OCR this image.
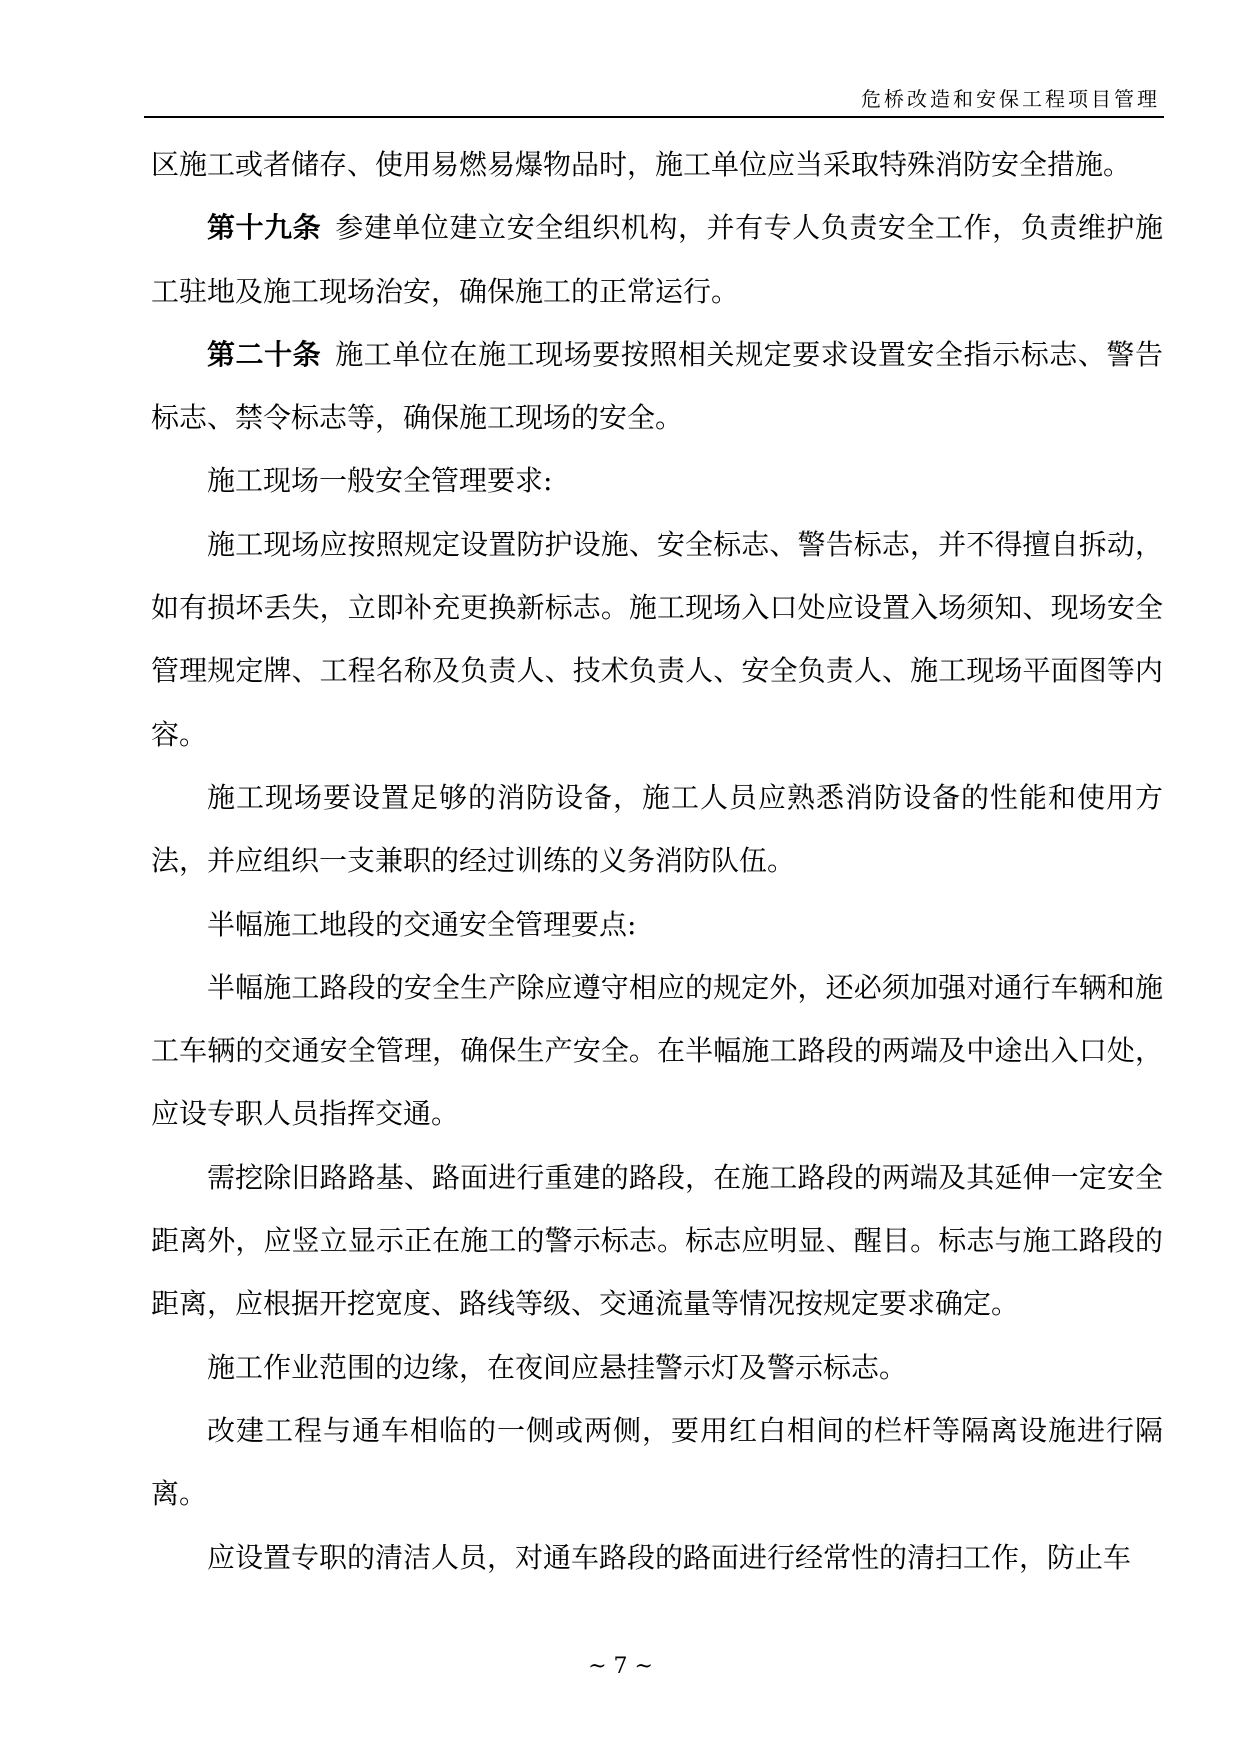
危桥改造和安保工程项目管理

区施工或者储存、使用易燃易爆物品时，施工单位应当采取特殊消防安全措施。

第十九条 参建单位建立安全组织机构，并有专人负责安全工作，负责维护施工驻地及施工现场治安，确保施工的正常运行。

第二十条 施工单位在施工现场要按照相关规定要求设置安全指示标志、警告标志、禁令标志等，确保施工现场的安全。

施工现场一般安全管理要求:

施工现场应按照规定设置防护设施、安全标志、警告标志，并不得擅自拆动，如有损坏丢失，立即补充更换新标志。施工现场入口处应设置入场须知、现场安全管理规定牌、工程名称及负责人、技术负责人、安全负责人、施工现场平面图等内容。

施工现场要设置足够的消防设备，施工人员应熟悉消防设备的性能和使用方法，并应组织一支兼职的经过训练的义务消防队伍。

半幅施工地段的交通安全管理要点:

半幅施工路段的安全生产除应遵守相应的规定外，还必须加强对通行车辆和施工车辆的交通安全管理，确保生产安全。在半幅施工路段的两端及中途出入口处，应设专职人员指挥交通。

需挖除旧路路基、路面进行重建的路段，在施工路段的两端及其延伸一定安全距离外，应竖立显示正在施工的警示标志。标志应明显、醒目。标志与施工路段的距离，应根据开挖宽度、路线等级、交通流量等情况按规定要求确定。

施工作业范围的边缘，在夜间应悬挂警示灯及警示标志。

改建工程与通车相临的一侧或两侧，要用红白相间的栏杆等隔离设施进行隔离。

应设置专职的清洁人员，对通车路段的路面进行经常性的清扫工作，防止车

~ 7 ~
